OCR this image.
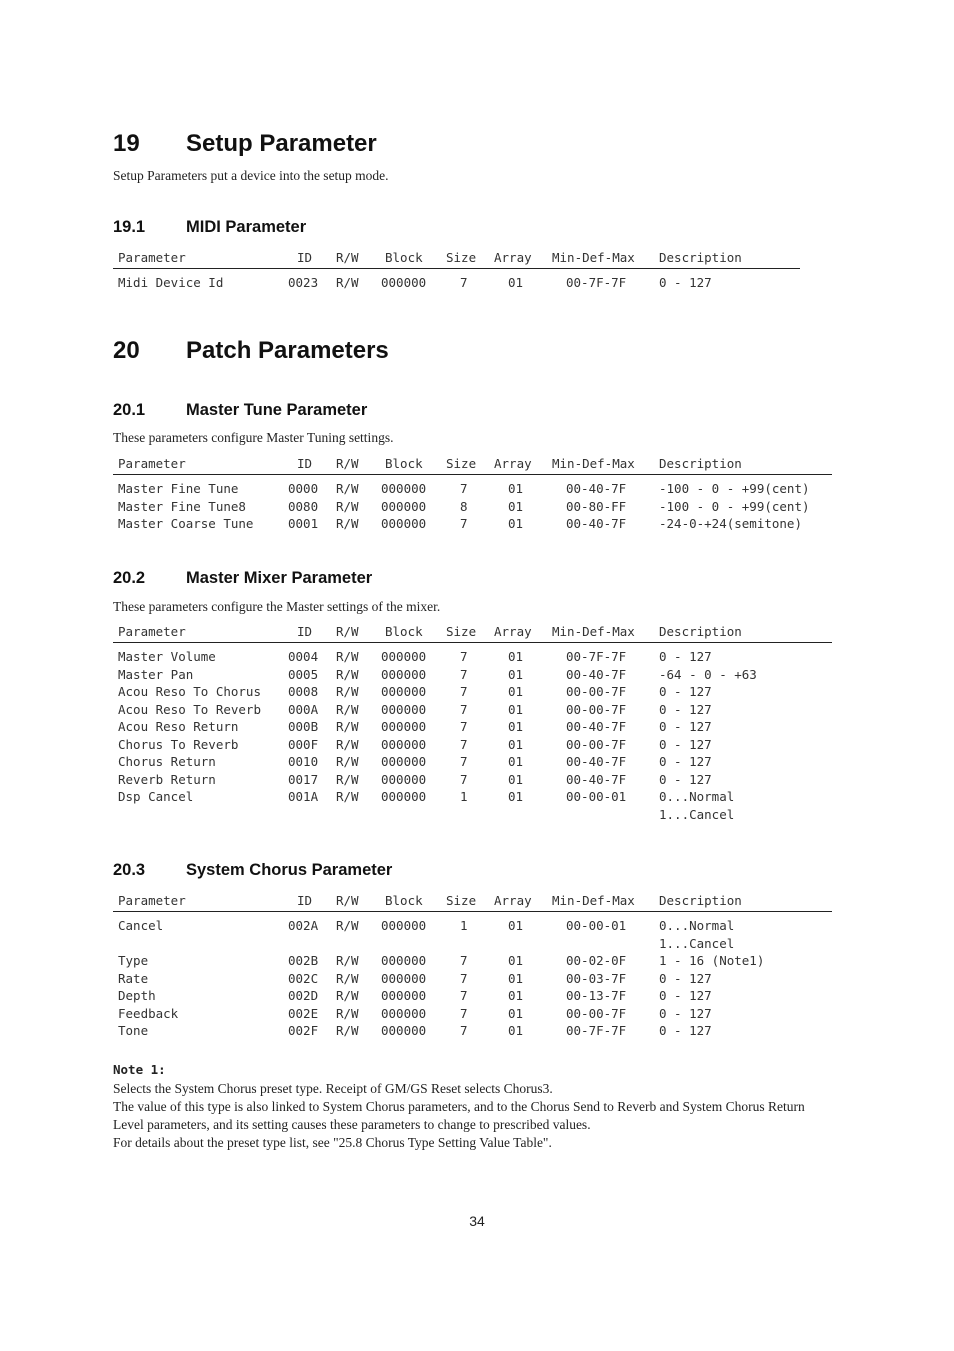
19 Setup Parameter
Setup Parameters put a device into the setup mode.
19.1 MIDI Parameter
Parameter	ID R/W Block Size Array Min-Def-Max Description
Midi Device Id	0023 R/W 000000	7	01	00-7F-7F	0 - 127
20 Patch Parameters
20.1 Master Tune Parameter
These parameters configure Master Tuning settings.
Parameter	ID R/W Block Size Array Min-Def-Max Description
Master Fine Tune	0000 R/W 000000	7	01	00-40-7F	-100 - 0 - +99(cent)
Master Fine Tune8	0080 R/W 000000	8	01	00-80-FF	-100 - 0 - +99(cent)
Master Coarse Tune	0001 R/W 000000	7	01	00-40-7F	-24-0-+24(semitone)
20.2 Master Mixer Parameter
These parameters configure the Master settings of the mixer.
Parameter	ID R/W Block Size Array Min-Def-Max Description
Master Volume	0004 R/W 000000	7	01	00-7F-7F	0 - 127
Master Pan	0005 R/W 000000	7	01	00-40-7F	-64 - 0 - +63
Acou Reso To Chorus 0008 R/W 000000	7	01	00-00-7F	0 - 127
Acou Reso To Reverb 000A R/W 000000	7	01	00-00-7F	0 - 127
Acou Reso Return	000B R/W 000000	7	01	00-40-7F	0 - 127
Chorus To Reverb	000F R/W 000000	7	01	00-00-7F	0 - 127
Chorus Return	0010 R/W 000000	7	01	00-40-7F	0 - 127
Reverb Return	0017 R/W 000000	7	01	00-40-7F	0 - 127
Dsp Cancel	001A R/W 000000	1	01	00-00-01	0...Normal
1...Cancel
20.3 System Chorus Parameter
Parameter	ID R/W Block Size Array Min-Def-Max Description
Cancel	002A R/W 000000	1	01	00-00-01	0...Normal
1...Cancel
Type	002B R/W 000000	7	01	00-02-0F	1 - 16 (Note1)
Rate	002C R/W 000000	7	01	00-03-7F	0 - 127
Depth	002D R/W 000000	7	01	00-13-7F	0 - 127
Feedback	002E R/W 000000	7	01	00-00-7F	0 - 127
Tone	002F R/W 000000	7	01	00-7F-7F	0 - 127
Note 1:
Selects the System Chorus preset type. Receipt of GM/GS Reset selects Chorus3.
The value of this type is also linked to System Chorus parameters, and to the Chorus Send to Reverb and System Chorus Return Level parameters, and its setting causes these parameters to change to prescribed values.
For details about the preset type list, see "25.8 Chorus Type Setting Value Table".
34
